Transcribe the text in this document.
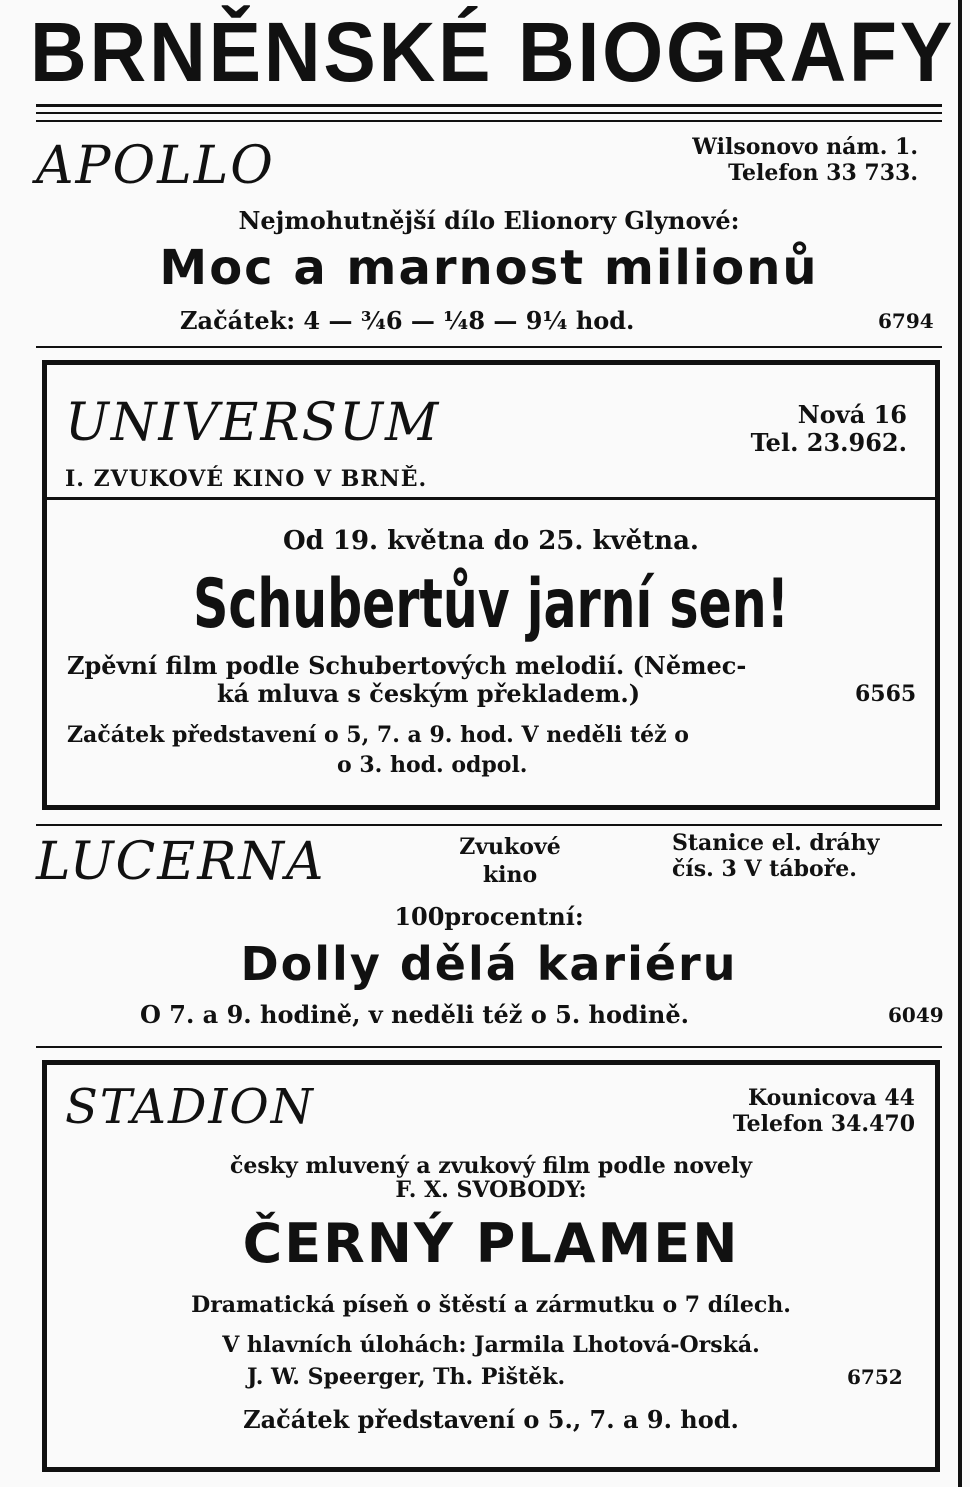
BRNĚNSKÉ BIOGRAFY
APOLLO	Wilsonovo nám. 1.
Telefon 33 733.
Nejmohutnější dílo Elionory Glynové:
Moc a marnost milionů
Začátek: 4 — ¾6 — ¼8 — 9¼ hod.	6794
UNIVERSUM	Nová 16
Tel. 23.962.
I. ZVUKOVÉ KINO V BRNĚ.
Od 19. května do 25. května.
Schubertův jarní sen!
Zpěvní film podle Schubertových melodií. (Němec-
ká mluva s českým překladem.)	6565
Začátek představení o 5, 7. a 9. hod. V neděli též o
o 3. hod. odpol.
LUCERNA	Zvukové
kino
Stanice el. dráhy
čís. 3 V táboře.
100procentní:
Dolly dělá kariéru
O 7. a 9. hodině, v neděli též o 5. hodině.	6049
STADION	Kounicova 44
Telefon 34.470
česky mluvený a zvukový film podle novely
F. X. SVOBODY:
ČERNÝ PLAMEN
Dramatická píseň o štěstí a zármutku o 7 dílech.
V hlavních úlohách: Jarmila Lhotová-Orská.
J. W. Speerger, Th. Pištěk.	6752
Začátek představení o 5., 7. a 9. hod.
